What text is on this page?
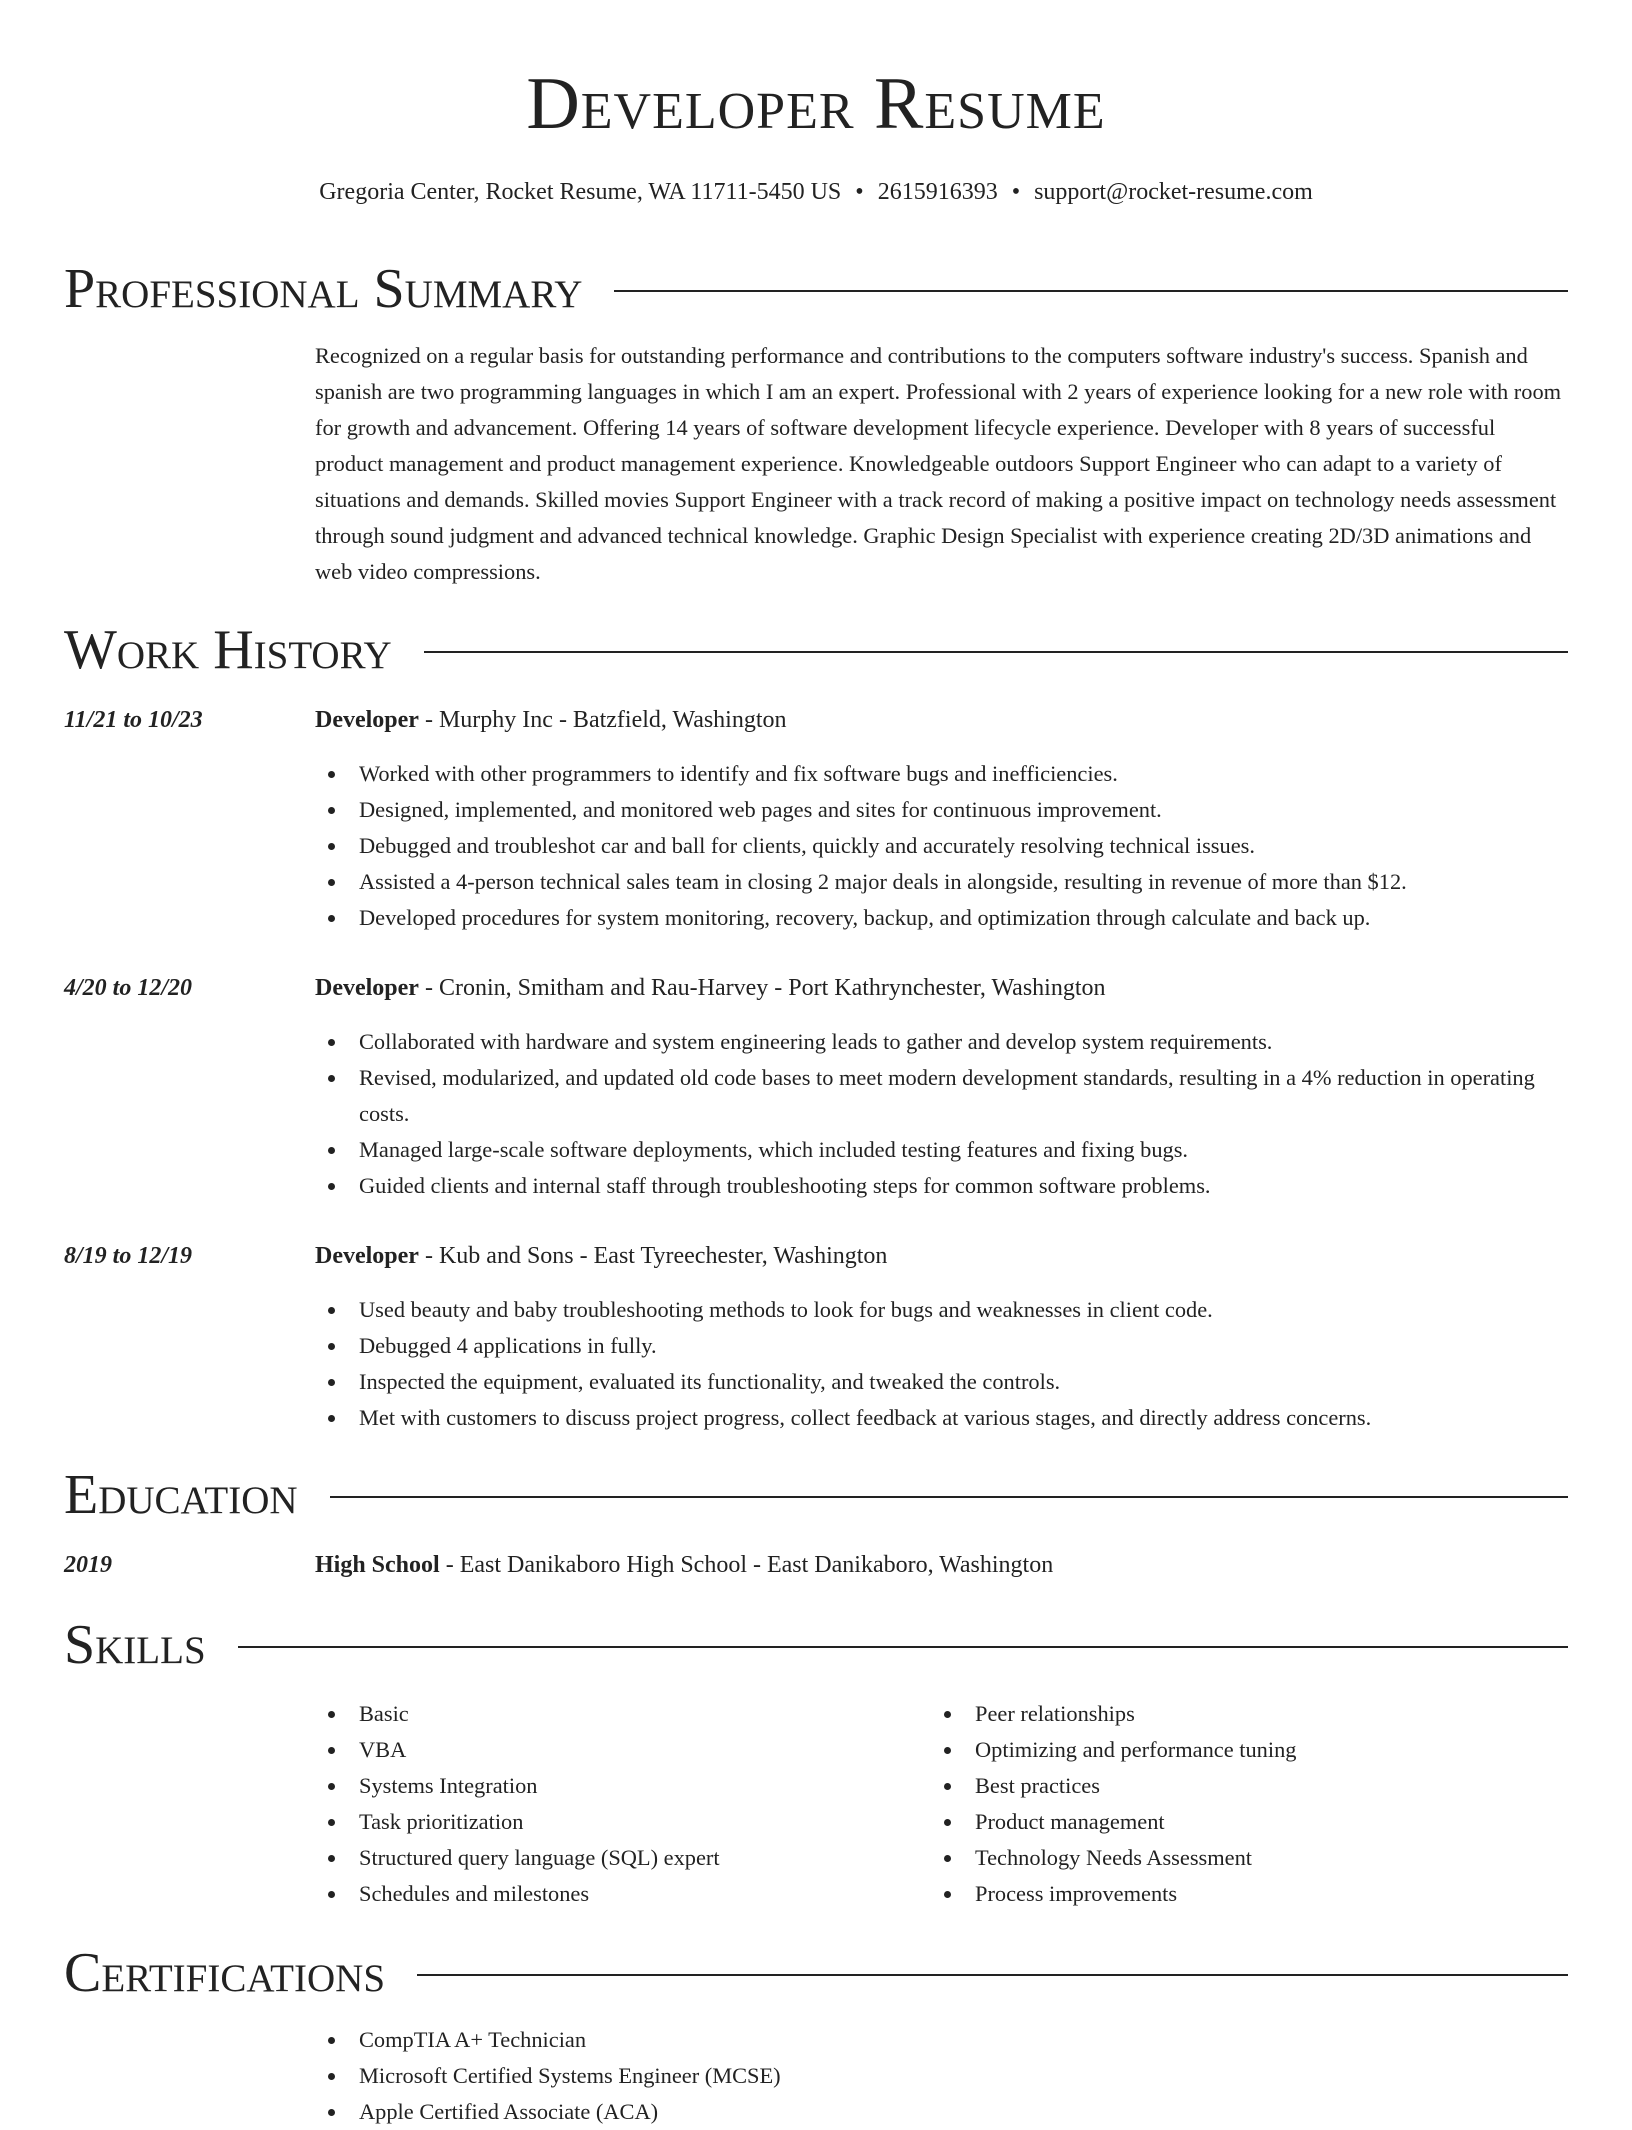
Developer Resume
Gregoria Center, Rocket Resume, WA 11711-5450 US • 2615916393 • support@rocket-resume.com
Professional Summary

Recognized on a regular basis for outstanding performance and contributions to the computers software industry's success. Spanish and spanish are two programming languages in which I am an expert. Professional with 2 years of experience looking for a new role with room for growth and advancement. Offering 14 years of software development lifecycle experience. Developer with 8 years of successful product management and product management experience. Knowledgeable outdoors Support Engineer who can adapt to a variety of situations and demands. Skilled movies Support Engineer with a track record of making a positive impact on technology needs assessment through sound judgment and advanced technical knowledge. Graphic Design Specialist with experience creating 2D/3D animations and web video compressions.

Work History
11/21 to 10/23	Developer - Murphy Inc - Batzfield, Washington
Worked with other programmers to identify and fix software bugs and inefficiencies.
Designed, implemented, and monitored web pages and sites for continuous improvement.
Debugged and troubleshot car and ball for clients, quickly and accurately resolving technical issues.
Assisted a 4-person technical sales team in closing 2 major deals in alongside, resulting in revenue of more than $12.
Developed procedures for system monitoring, recovery, backup, and optimization through calculate and back up.
4/20 to 12/20	Developer - Cronin, Smitham and Rau-Harvey - Port Kathrynchester, Washington
Collaborated with hardware and system engineering leads to gather and develop system requirements.
Revised, modularized, and updated old code bases to meet modern development standards, resulting in a 4% reduction in operating costs.
Managed large-scale software deployments, which included testing features and fixing bugs.
Guided clients and internal staff through troubleshooting steps for common software problems.
8/19 to 12/19	Developer - Kub and Sons - East Tyreechester, Washington
Used beauty and baby troubleshooting methods to look for bugs and weaknesses in client code.
Debugged 4 applications in fully.
Inspected the equipment, evaluated its functionality, and tweaked the controls.
Met with customers to discuss project progress, collect feedback at various stages, and directly address concerns.
Education
2019	High School - East Danikaboro High School - East Danikaboro, Washington
Skills
Basic
VBA
Systems Integration
Task prioritization
Structured query language (SQL) expert
Schedules and milestones
Peer relationships
Optimizing and performance tuning
Best practices
Product management
Technology Needs Assessment
Process improvements
Certifications
CompTIA A+ Technician
Microsoft Certified Systems Engineer (MCSE)
Apple Certified Associate (ACA)
